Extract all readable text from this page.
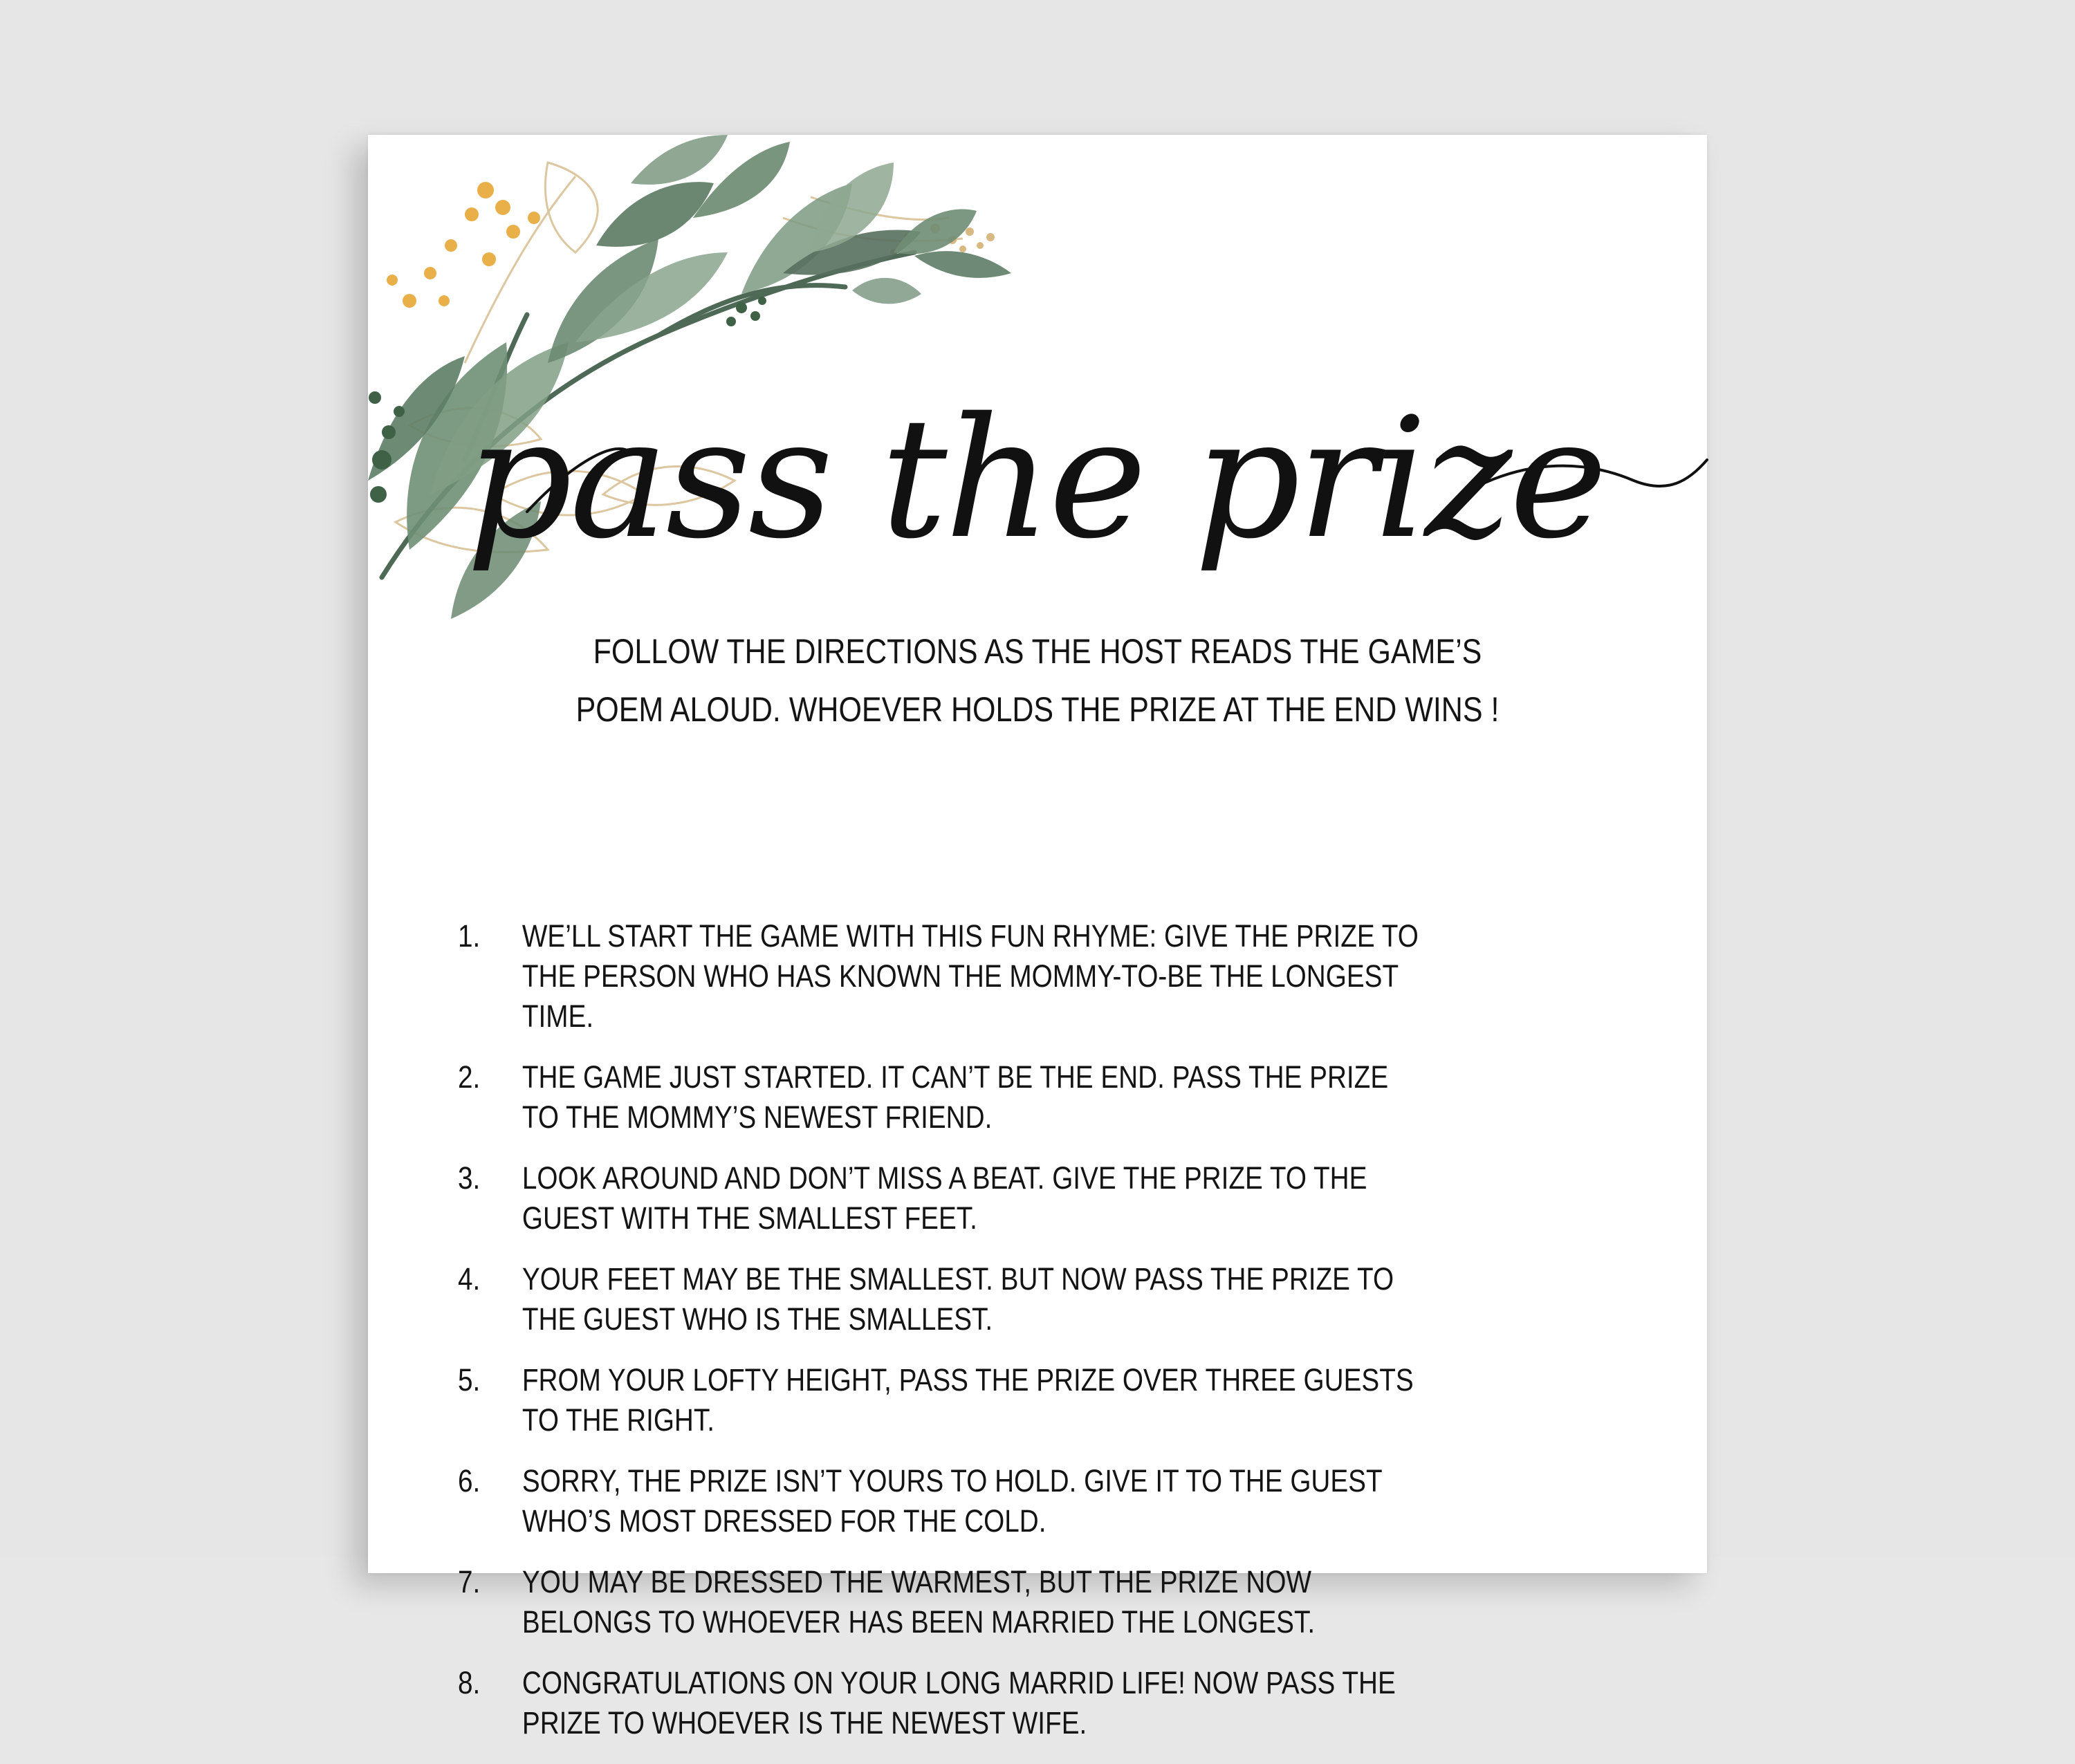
pass the prize
FOLLOW THE DIRECTIONS AS THE HOST READS THE GAME’S
POEM ALOUD. WHOEVER HOLDS THE PRIZE AT THE END WINS !
1.	WE’LL START THE GAME WITH THIS FUN RHYME: GIVE THE PRIZE TO THE PERSON WHO HAS KNOWN THE MOMMY-TO-BE THE LONGEST TIME.
2.	THE GAME JUST STARTED. IT CAN’T BE THE END. PASS THE PRIZE TO THE MOMMY’S NEWEST FRIEND.
3.	LOOK AROUND AND DON’T MISS A BEAT. GIVE THE PRIZE TO THE GUEST WITH THE SMALLEST FEET.
4.	YOUR FEET MAY BE THE SMALLEST. BUT NOW PASS THE PRIZE TO THE GUEST WHO IS THE SMALLEST.
5.	FROM YOUR LOFTY HEIGHT, PASS THE PRIZE OVER THREE GUESTS TO THE RIGHT.
6.	SORRY, THE PRIZE ISN’T YOURS TO HOLD. GIVE IT TO THE GUEST WHO’S MOST DRESSED FOR THE COLD.
7.	YOU MAY BE DRESSED THE WARMEST, BUT THE PRIZE NOW BELONGS TO WHOEVER HAS BEEN MARRIED THE LONGEST.
8.	CONGRATULATIONS ON YOUR LONG MARRID LIFE! NOW PASS THE PRIZE TO WHOEVER IS THE NEWEST WIFE.
